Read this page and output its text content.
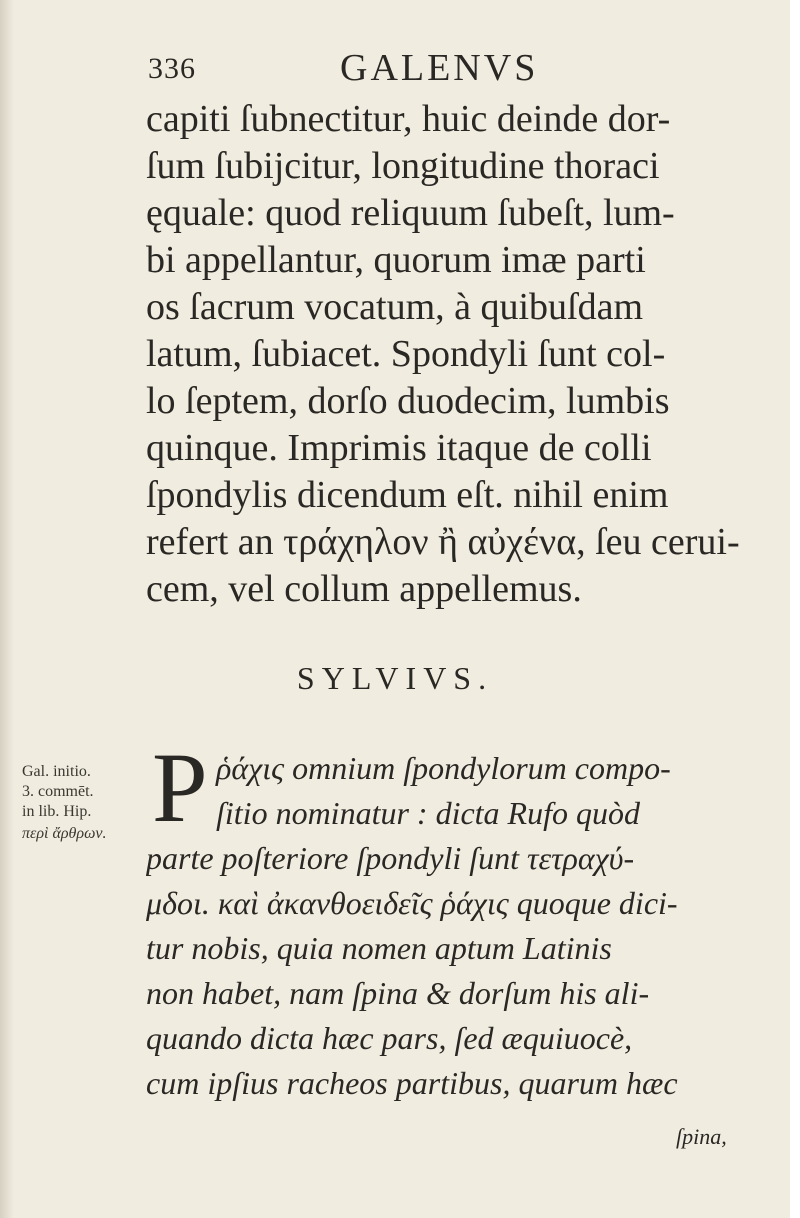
336	GALENVS
capiti ſubnectitur, huic deinde dor-
ſum ſubijcitur, longitudine thoraci
ęquale: quod reliquum ſubeſt, lum-
bi appellantur, quorum imæ parti
os ſacrum vocatum, à quibuſdam
latum, ſubiacet. Spondyli ſunt col-
lo ſeptem, dorſo duodecim, lumbis
quinque. Imprimis itaque de colli
ſpondylis dicendum eſt. nihil enim
refert an τράχηλον ἢ αὐχένα, ſeu cerui-
cem, vel collum appellemus.
SYLVIVS.
Gal. initio.
3. commēt.
in lib. Hip.
περὶ ἄρθρων. P ῥάχις omnium ſpondylorum compo-
ſitio nominatur : dicta Rufo quòd
parte poſteriore ſpondyli ſunt τετραχύ-
μδοι. καὶ ἀκανθοειδεῖς ῥάχις quoque dici-
tur nobis, quia nomen aptum Latinis
non habet, nam ſpina & dorſum his ali-
quando dicta hæc pars, ſed æquiuocè,
cum ipſius racheos partibus, quarum hæc
ſpina,
